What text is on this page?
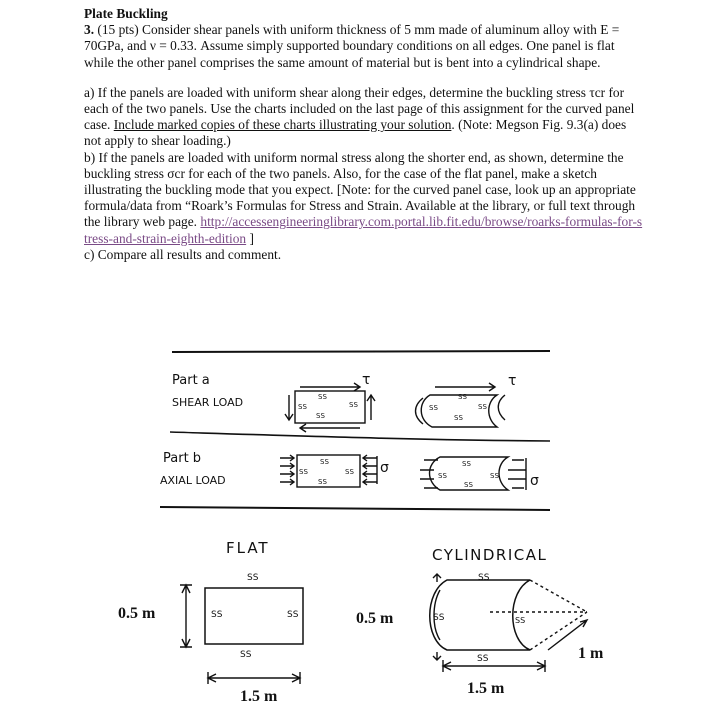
Plate Buckling

3. (15 pts) Consider shear panels with uniform thickness of 5 mm made of aluminum alloy with E = 70GPa, and ν = 0.33. Assume simply supported boundary conditions on all edges. One panel is flat while the other panel comprises the same amount of material but is bent into a cylindrical shape.

a) If the panels are loaded with uniform shear along their edges, determine the buckling stress τcr for each of the two panels. Use the charts included on the last page of this assignment for the curved panel case. Include marked copies of these charts illustrating your solution. (Note: Megson Fig. 9.3(a) does not apply to shear loading.)

b) If the panels are loaded with uniform normal stress along the shorter end, as shown, determine the buckling stress σcr for each of the two panels. Also, for the case of the flat panel, make a sketch illustrating the buckling mode that you expect. [Note: for the curved panel case, look up an appropriate formula/data from “Roark’s Formulas for Stress and Strain. Available at the library, or full text through the library web page. http://accessengineeringlibrary.com.portal.lib.fit.edu/browse/roarks-formulas-for-stress-and-strain-eighth-edition ]

c) Compare all results and comment.

Part a
SHEAR LOAD	SS
SS	SS
SS
τ
SS
SS	SS
SS
τ
Part b
AXIAL LOAD
SS
SS	SS
SS
σ	SS
SS	SS
SS	σ
FLAT
SS
SS	SS
SS
0.5 m
1.5 m
CYLINDRICAL
SS
SS	SS
SS
0.5 m
1.5 m
1 m
